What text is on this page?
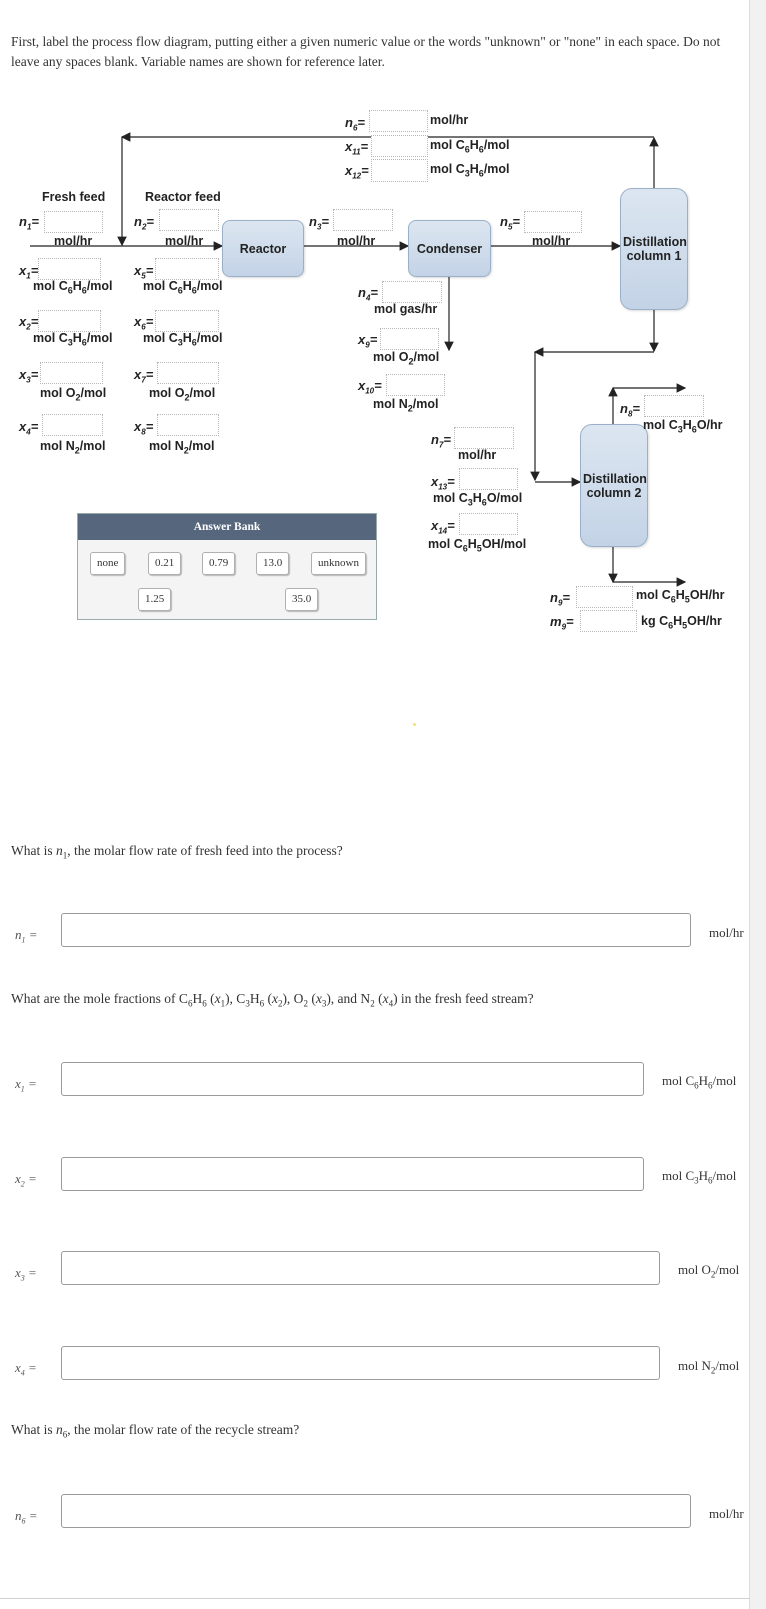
First, label the process flow diagram, putting either a given numeric value or the words "unknown" or "none" in each space. Do not leave any spaces blank. Variable names are shown for reference later.
Reactor	Condenser	Distillation column 1
Distillation column 2
Fresh feed	Reactor feed
$n_1=$
mol/hr
$x_1=$
mol $C_6H_6$/mol
$x_2=$
mol $C_3H_6$/mol
$x_3=$
mol $O_2$/mol
$x_4=$
mol $N_2$/mol
$n_2=$
mol/hr
$x_5=$
mol $C_6H_6$/mol
$x_6=$
mol $C_3H_6$/mol
$x_7=$
mol $O_2$/mol
$x_8=$
mol $N_2$/mol
$n_3=$
mol/hr
$n_6=$	mol/hr
$x_{11}=$	mol $C_6H_6$/mol
$x_{12}=$	mol $C_3H_6$/mol
$n_4=$
mol gas/hr
$x_9=$
mol $O_2$/mol
$x_{10}=$
mol $N_2$/mol
$n_5=$
mol/hr
$n_7=$
mol/hr
$x_{13}=$
mol $C_3H_6O$/mol
$x_{14}=$
mol $C_6H_5OH$/mol
$n_8=$
mol $C_3H_6O/hr$
$n_9=$	mol $C_6H_5OH/hr$
$m_9=$	kg $C_6H_5OH/hr$
Answer Bank
none	0.21	0.79	13.0	unknown
1.25	35.0
What is $n_1$, the molar flow rate of fresh feed into the process?
$n_1$ =	mol/hr
What are the mole fractions of $C_6H_6$ $(x_1)$, $C_3H_6$ $(x_2)$, $O_2$ $(x_3)$, and $N_2$ $(x_4)$ in the fresh feed stream?
$x_1$ =	mol $C_6H_6$/mol
$x_2$ =	mol $C_3H_6$/mol
$x_3$ =	mol $O_2$/mol
$x_4$ =	mol $N_2$/mol
What is $n_6$, the molar flow rate of the recycle stream?
$n_6$ =	mol/hr
